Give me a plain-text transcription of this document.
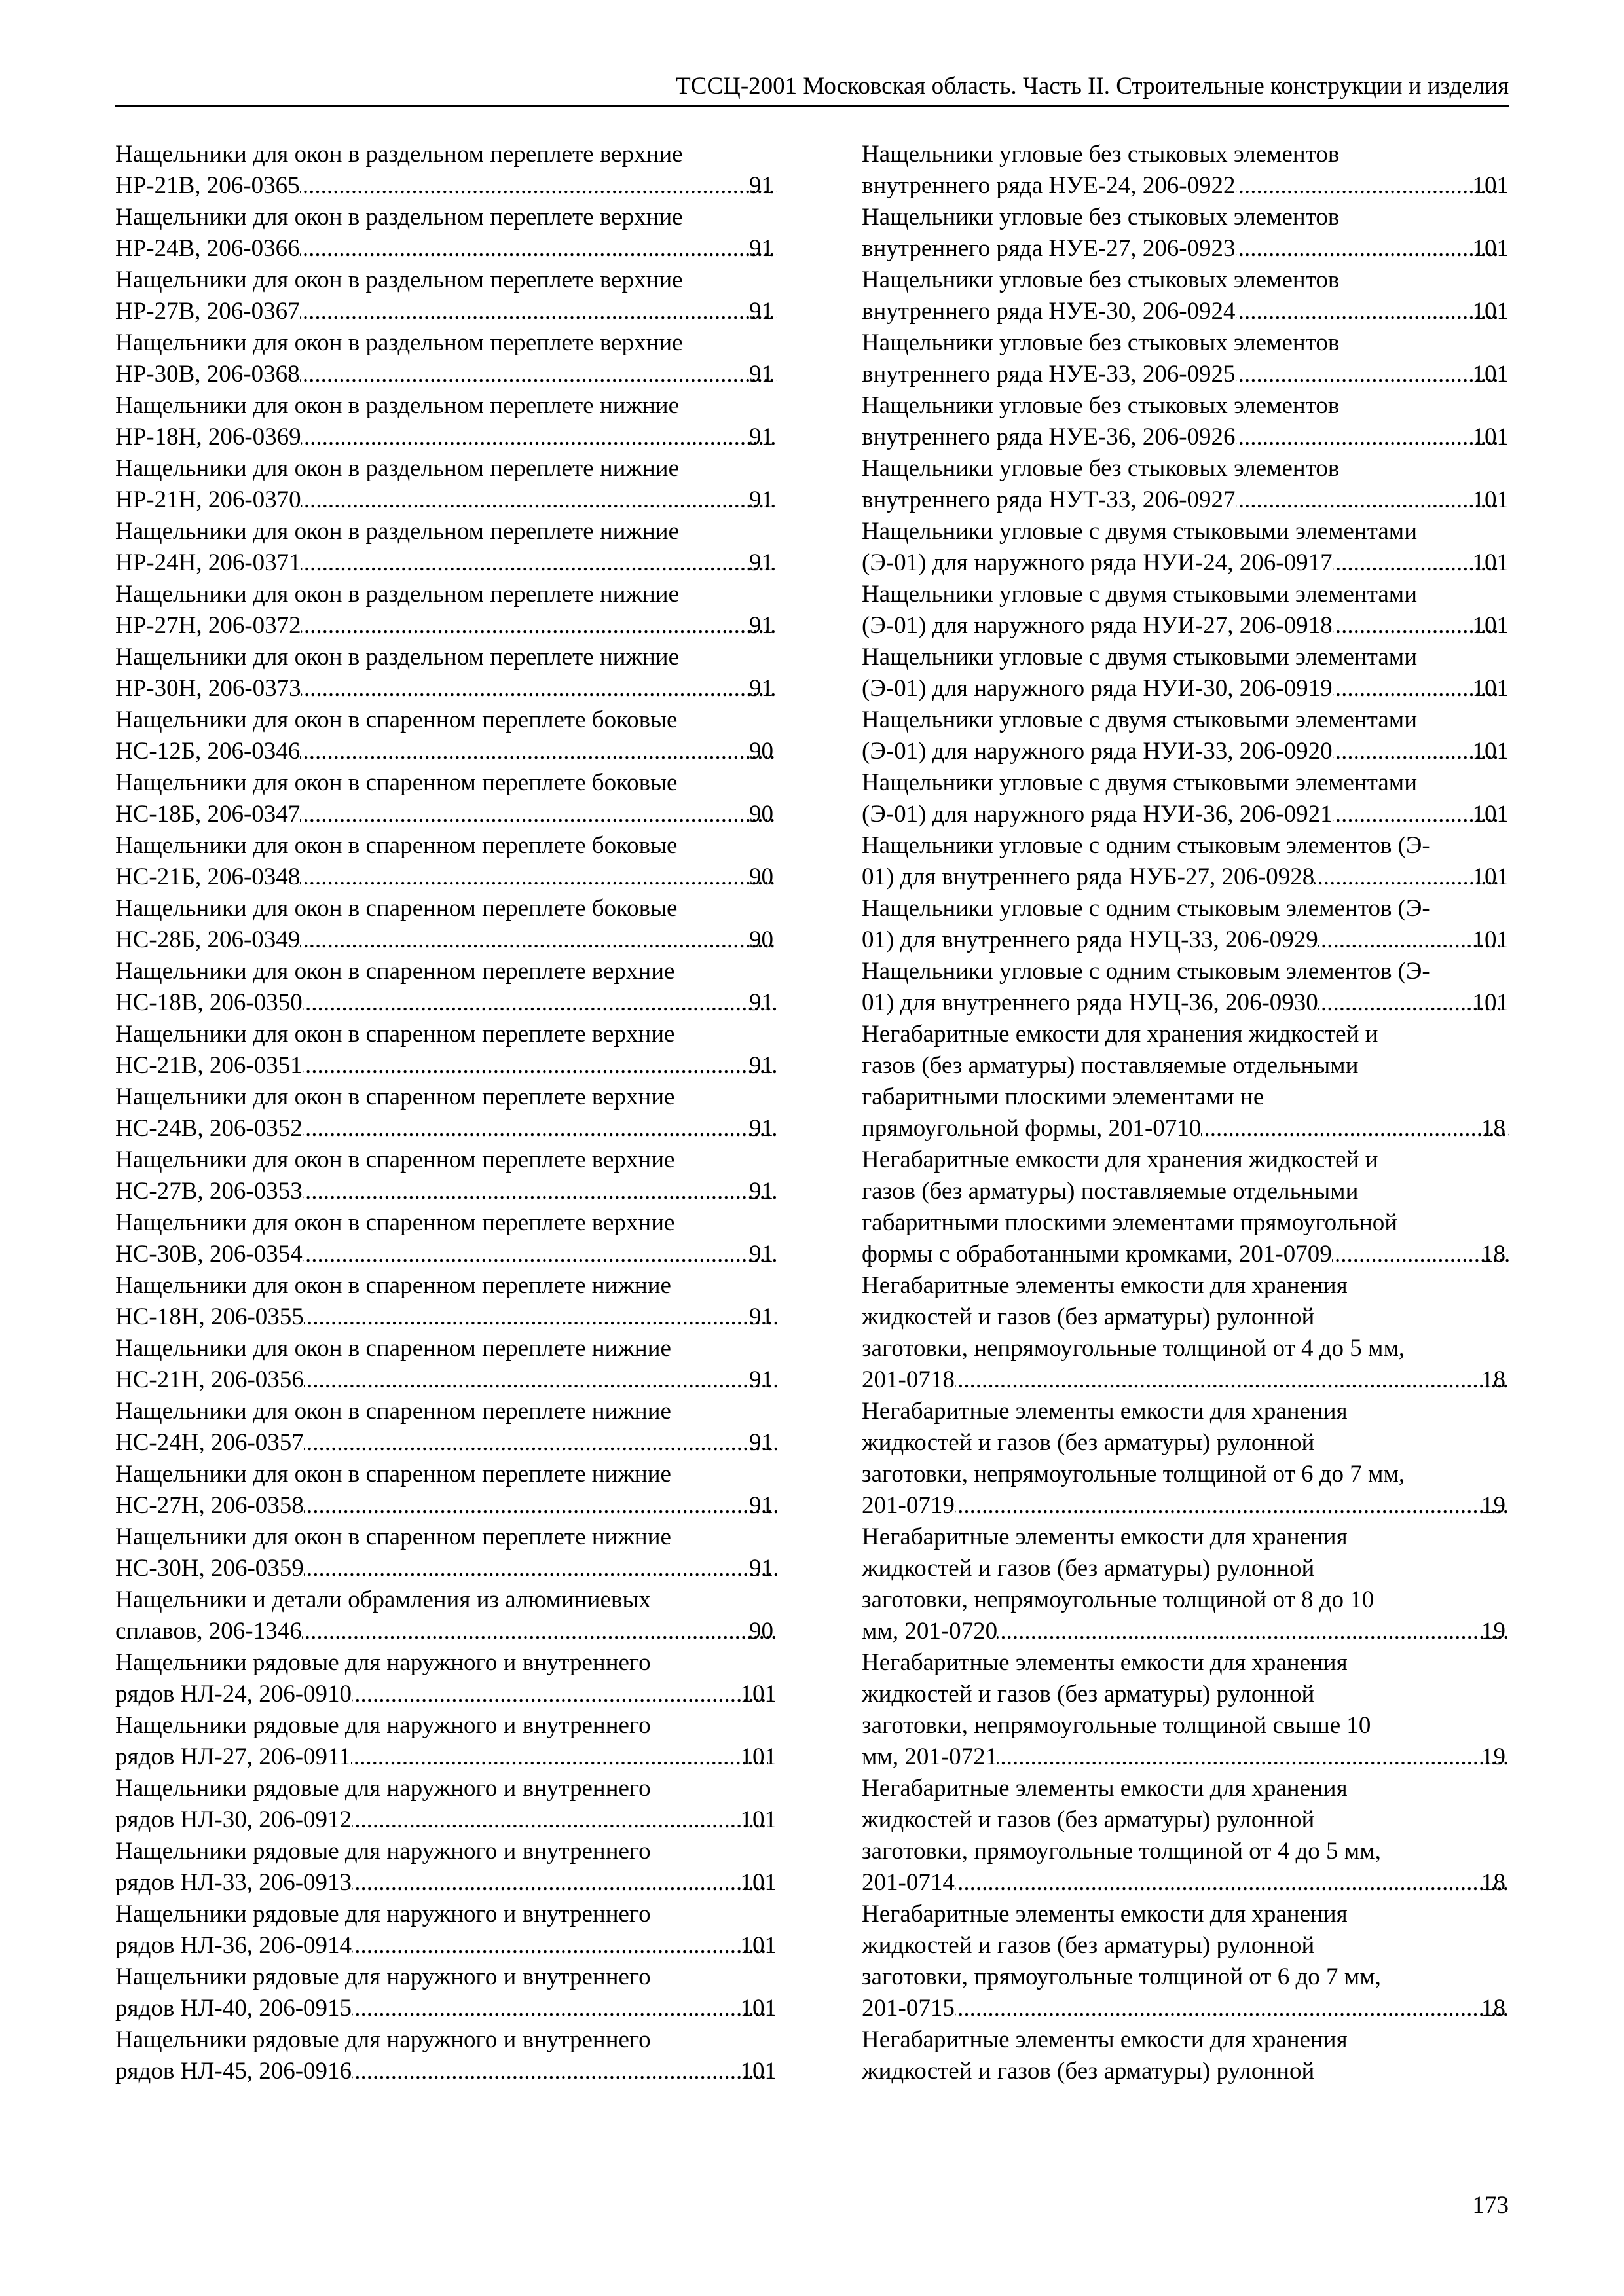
ТССЦ-2001 Московская область. Часть II. Строительные конструкции и изделия
Нащельники для окон в раздельном переплете верхние
НР-21В, 206-0365 .....	91
Нащельники для окон в раздельном переплете верхние
НР-24В, 206-0366 .....	91
Нащельники для окон в раздельном переплете верхние
НР-27В, 206-0367 .....	91
Нащельники для окон в раздельном переплете верхние
НР-30В, 206-0368 .....	91
Нащельники для окон в раздельном переплете нижние
НР-18Н, 206-0369 .....	91
Нащельники для окон в раздельном переплете нижние
НР-21Н, 206-0370 .....	91
Нащельники для окон в раздельном переплете нижние
НР-24Н, 206-0371 .....	91
Нащельники для окон в раздельном переплете нижние
НР-27Н, 206-0372 .....	91
Нащельники для окон в раздельном переплете нижние
НР-30Н, 206-0373 .....	91
Нащельники для окон в спаренном переплете боковые
НС-12Б, 206-0346 .....	90
Нащельники для окон в спаренном переплете боковые
НС-18Б, 206-0347 .....	90
Нащельники для окон в спаренном переплете боковые
НС-21Б, 206-0348 .....	90
Нащельники для окон в спаренном переплете боковые
НС-28Б, 206-0349 .....	90
Нащельники для окон в спаренном переплете верхние
НС-18В, 206-0350 .....	91
Нащельники для окон в спаренном переплете верхние
НС-21В, 206-0351 .....	91
Нащельники для окон в спаренном переплете верхние
НС-24В, 206-0352 .....	91
Нащельники для окон в спаренном переплете верхние
НС-27В, 206-0353 .....	91
Нащельники для окон в спаренном переплете верхние
НС-30В, 206-0354 .....	91
Нащельники для окон в спаренном переплете нижние
НС-18Н, 206-0355 .....	91
Нащельники для окон в спаренном переплете нижние
НС-21Н, 206-0356 .....	91
Нащельники для окон в спаренном переплете нижние
НС-24Н, 206-0357 .....	91
Нащельники для окон в спаренном переплете нижние
НС-27Н, 206-0358 .....	91
Нащельники для окон в спаренном переплете нижние
НС-30Н, 206-0359 .....	91
Нащельники и детали обрамления из алюминиевых
сплавов, 206-1346 .....	90
Нащельники рядовые для наружного и внутреннего
рядов НЛ-24, 206-0910 .....	101
Нащельники рядовые для наружного и внутреннего
рядов НЛ-27, 206-0911 .....	101
Нащельники рядовые для наружного и внутреннего
рядов НЛ-30, 206-0912 .....	101
Нащельники рядовые для наружного и внутреннего
рядов НЛ-33, 206-0913 .....	101
Нащельники рядовые для наружного и внутреннего
рядов НЛ-36, 206-0914 .....	101
Нащельники рядовые для наружного и внутреннего
рядов НЛ-40, 206-0915 .....	101
Нащельники рядовые для наружного и внутреннего
рядов НЛ-45, 206-0916 .....	101
Нащельники угловые без стыковых элементов
внутреннего ряда НУЕ-24, 206-0922 .....	101
Нащельники угловые без стыковых элементов
внутреннего ряда НУЕ-27, 206-0923 .....	101
Нащельники угловые без стыковых элементов
внутреннего ряда НУЕ-30, 206-0924 .....	101
Нащельники угловые без стыковых элементов
внутреннего ряда НУЕ-33, 206-0925 .....	101
Нащельники угловые без стыковых элементов
внутреннего ряда НУЕ-36, 206-0926 .....	101
Нащельники угловые без стыковых элементов
внутреннего ряда НУТ-33, 206-0927 .....	101
Нащельники угловые с двумя стыковыми элементами
(Э-01) для наружного ряда НУИ-24, 206-0917 .....	101
Нащельники угловые с двумя стыковыми элементами
(Э-01) для наружного ряда НУИ-27, 206-0918 .....	101
Нащельники угловые с двумя стыковыми элементами
(Э-01) для наружного ряда НУИ-30, 206-0919 .....	101
Нащельники угловые с двумя стыковыми элементами
(Э-01) для наружного ряда НУИ-33, 206-0920 .....	101
Нащельники угловые с двумя стыковыми элементами
(Э-01) для наружного ряда НУИ-36, 206-0921 .....	101
Нащельники угловые с одним стыковым элементов (Э-
01) для внутреннего ряда НУБ-27, 206-0928 .....	101
Нащельники угловые с одним стыковым элементов (Э-
01) для внутреннего ряда НУЦ-33, 206-0929 .....	101
Нащельники угловые с одним стыковым элементов (Э-
01) для внутреннего ряда НУЦ-36, 206-0930 .....	101
Негабаритные емкости для хранения жидкостей и
газов (без арматуры) поставляемые отдельными
габаритными плоскими элементами не
прямоугольной формы, 201-0710 .....	18
Негабаритные емкости для хранения жидкостей и
газов (без арматуры) поставляемые отдельными
габаритными плоскими элементами прямоугольной
формы с обработанными кромками, 201-0709 .....	18
Негабаритные элементы емкости для хранения
жидкостей и газов (без арматуры) рулонной
заготовки, непрямоугольные толщиной от 4 до 5 мм,
201-0718 .....	18
Негабаритные элементы емкости для хранения
жидкостей и газов (без арматуры) рулонной
заготовки, непрямоугольные толщиной от 6 до 7 мм,
201-0719 .....	19
Негабаритные элементы емкости для хранения
жидкостей и газов (без арматуры) рулонной
заготовки, непрямоугольные толщиной от 8 до 10
мм, 201-0720 .....	19
Негабаритные элементы емкости для хранения
жидкостей и газов (без арматуры) рулонной
заготовки, непрямоугольные толщиной свыше 10
мм, 201-0721 .....	19
Негабаритные элементы емкости для хранения
жидкостей и газов (без арматуры) рулонной
заготовки, прямоугольные толщиной от 4 до 5 мм,
201-0714 .....	18
Негабаритные элементы емкости для хранения
жидкостей и газов (без арматуры) рулонной
заготовки, прямоугольные толщиной от 6 до 7 мм,
201-0715 .....	18
Негабаритные элементы емкости для хранения
жидкостей и газов (без арматуры) рулонной
173
